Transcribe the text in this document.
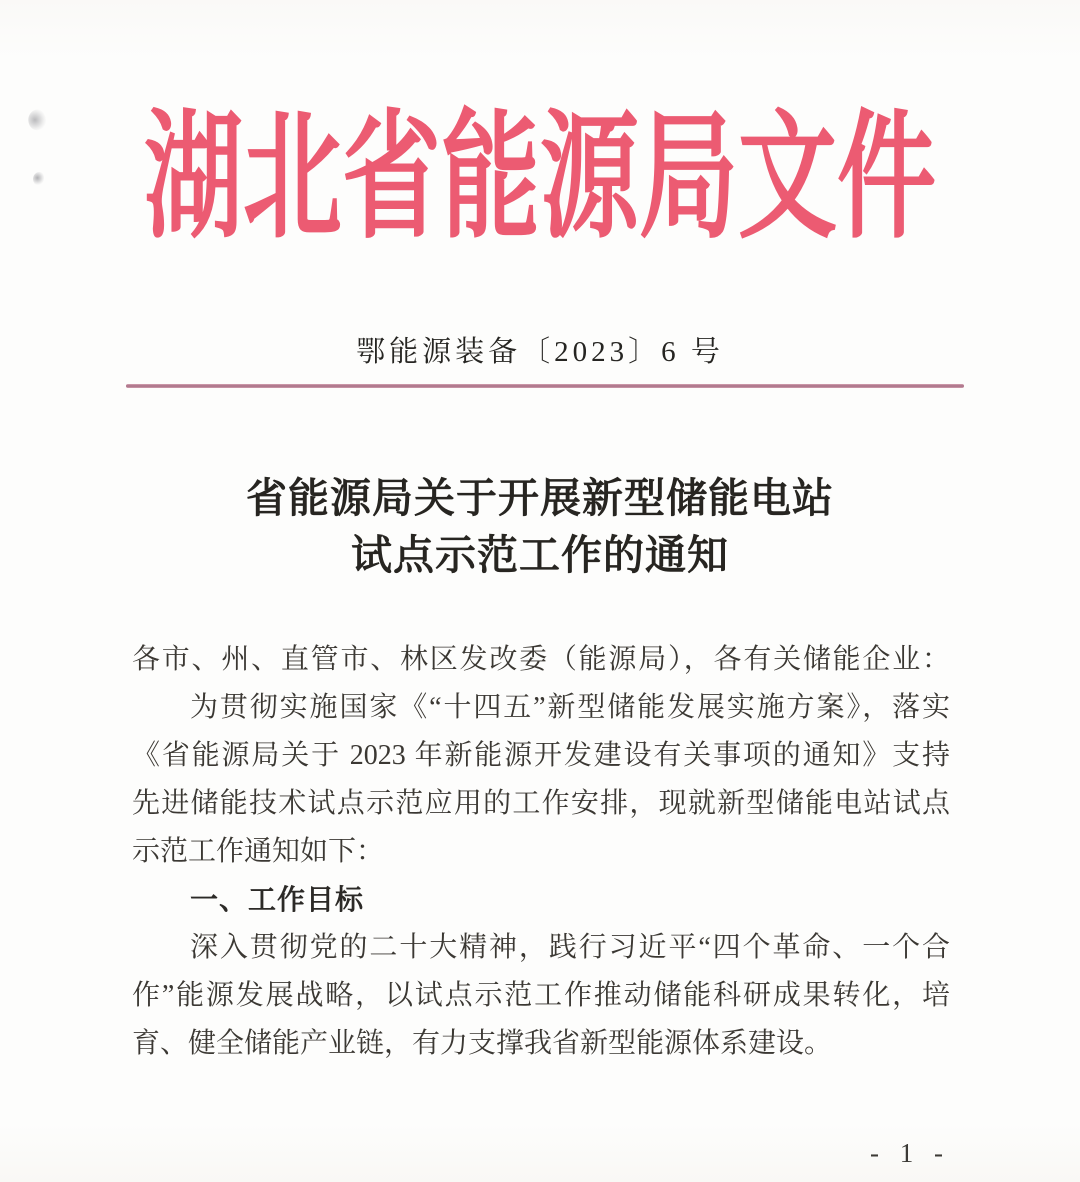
湖北省能源局文件
鄂能源装备〔2023〕6 号
省能源局关于开展新型储能电站
试点示范工作的通知
各市、州、直管市、林区发改委（能源局），各有关储能企业：
为贯彻实施国家《“十四五”新型储能发展实施方案》，落实
《省能源局关于 2023 年新能源开发建设有关事项的通知》支持
先进储能技术试点示范应用的工作安排，现就新型储能电站试点
示范工作通知如下：
一、工作目标
深入贯彻党的二十大精神，践行习近平“四个革命、一个合
作”能源发展战略，以试点示范工作推动储能科研成果转化，培
育、健全储能产业链，有力支撑我省新型能源体系建设。
- 1 -
